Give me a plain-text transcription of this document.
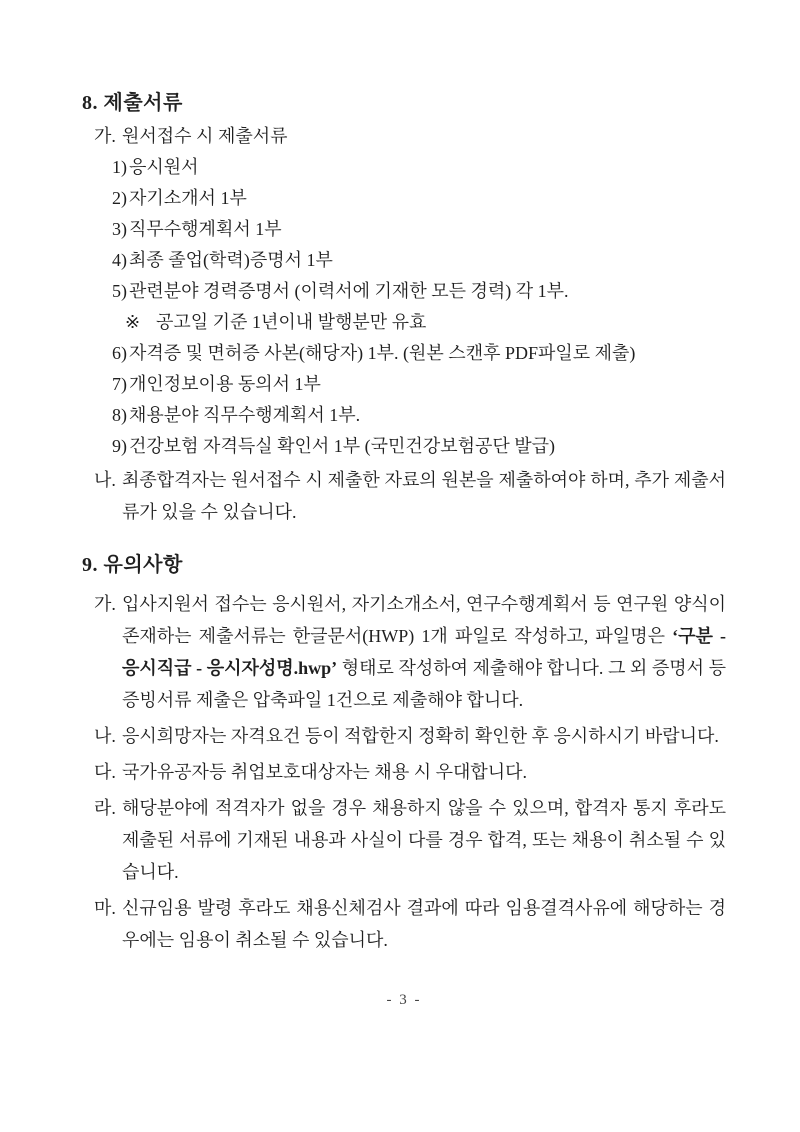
8. 제출서류
가. 원서접수 시 제출서류
1) 응시원서
2) 자기소개서 1부
3) 직무수행계획서 1부
4) 최종 졸업(학력)증명서 1부
5) 관련분야 경력증명서 (이력서에 기재한 모든 경력) 각 1부.
※ 공고일 기준 1년이내 발행분만 유효
6) 자격증 및 면허증 사본(해당자) 1부. (원본 스캔후 PDF파일로 제출)
7) 개인정보이용 동의서 1부
8) 채용분야 직무수행계획서 1부.
9) 건강보험 자격득실 확인서 1부 (국민건강보험공단 발급)
나. 최종합격자는 원서접수 시 제출한 자료의 원본을 제출하여야 하며, 추가 제출서류가 있을 수 있습니다.
9. 유의사항
가. 입사지원서 접수는 응시원서, 자기소개소서, 연구수행계획서 등 연구원 양식이 존재하는 제출서류는 한글문서(HWP) 1개 파일로 작성하고, 파일명은 ‘구분 - 응시직급 - 응시자성명.hwp’ 형태로 작성하여 제출해야 합니다. 그 외 증명서 등 증빙서류 제출은 압축파일 1건으로 제출해야 합니다.
나. 응시희망자는 자격요건 등이 적합한지 정확히 확인한 후 응시하시기 바랍니다.
다. 국가유공자등 취업보호대상자는 채용 시 우대합니다.
라. 해당분야에 적격자가 없을 경우 채용하지 않을 수 있으며, 합격자 통지 후라도 제출된 서류에 기재된 내용과 사실이 다를 경우 합격, 또는 채용이 취소될 수 있습니다.
마. 신규임용 발령 후라도 채용신체검사 결과에 따라 임용결격사유에 해당하는 경우에는 임용이 취소될 수 있습니다.
- 3 -
